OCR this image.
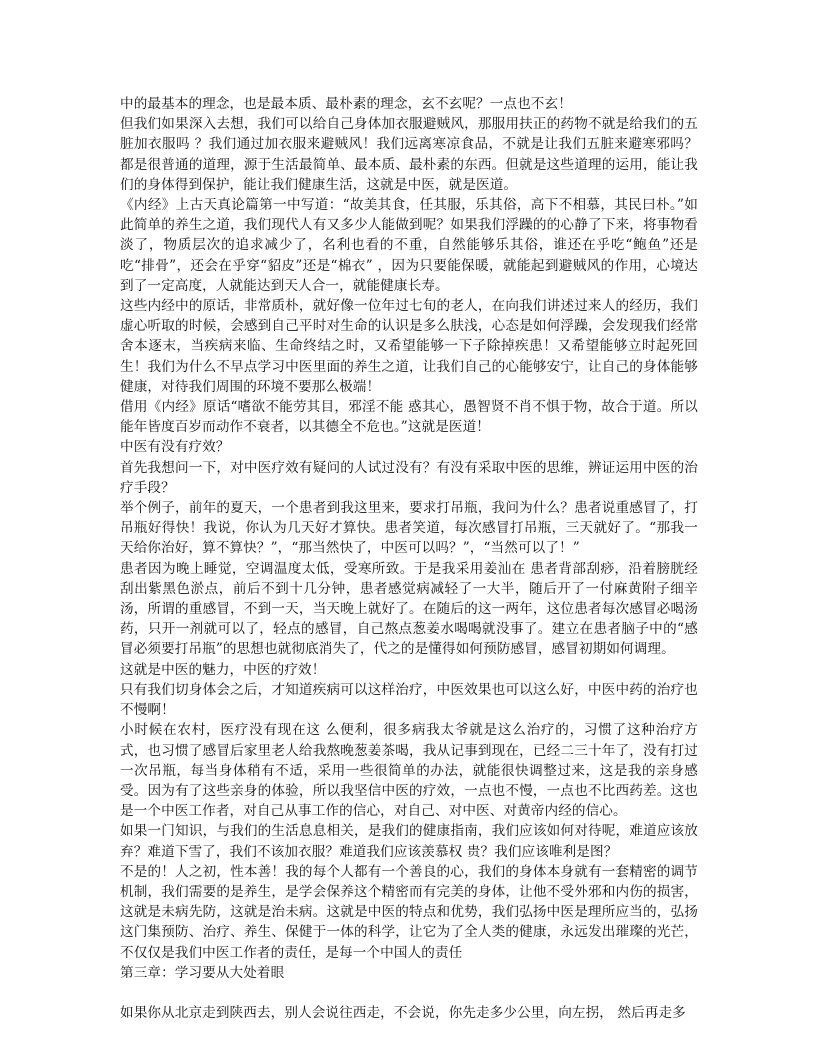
中的最基本的理念，也是最本质、最朴素的理念，玄不玄呢？一点也不玄！

但我们如果深入去想，我们可以给自己身体加衣服避贼风，那服用扶正的药物不就是给我们的五脏加衣服吗 ？我们通过加衣服来避贼风！我们远离寒凉食品，不就是让我们五脏来避寒邪吗？都是很普通的道理，源于生活最简单、最本质、最朴素的东西。但就是这些道理的运用，能让我们的身体得到保护，能让我们健康生活，这就是中医，就是医道。

《内经》上古天真论篇第一中写道：“故美其食，任其服，乐其俗，高下不相慕，其民曰朴。”如此简单的养生之道，我们现代人有又多少人能做到呢？如果我们浮躁的的心静了下来，将事物看淡了，物质层次的追求减少了，名利也看的不重，自然能够乐其俗，谁还在乎吃“鲍鱼”还是吃“排骨”，还会在乎穿“貂皮”还是“棉衣” ，因为只要能保暖，就能起到避贼风的作用，心境达到了一定高度，人就能达到天人合一，就能健康长寿。

这些内经中的原话，非常质朴，就好像一位年过七旬的老人，在向我们讲述过来人的经历，我们虚心听取的时候，会感到自己平时对生命的认识是多么肤浅，心态是如何浮躁，会发现我们经常舍本逐末，当疾病来临、生命终结之时，又希望能够一下子除掉疾患！又希望能够立时起死回生！我们为什么不早点学习中医里面的养生之道，让我们自己的心能够安宁，让自己的身体能够健康，对待我们周围的环境不要那么极端！

借用《内经》原话“嗜欲不能劳其目，邪淫不能 惑其心，愚智贤不肖不惧于物，故合于道。所以能年皆度百岁而动作不衰者，以其德全不危也。”这就是医道！

中医有没有疗效？

首先我想问一下，对中医疗效有疑问的人试过没有？有没有采取中医的思维，辨证运用中医的治疗手段？

举个例子，前年的夏天，一个患者到我这里来，要求打吊瓶，我问为什么？患者说重感冒了，打吊瓶好得快！我说，你认为几天好才算快。患者笑道，每次感冒打吊瓶，三天就好了。“那我一天给你治好，算不算快？”，“那当然快了，中医可以吗？”，“当然可以了！”

患者因为晚上睡觉，空调温度太低，受寒所致。于是我采用姜汕在 患者背部刮痧，沿着膀胱经刮出紫黑色淤点，前后不到十几分钟，患者感觉病减轻了一大半，随后开了一付麻黄附子细辛汤，所谓的重感冒，不到一天，当天晚上就好了。在随后的这一两年，这位患者每次感冒必喝汤药，只开一剂就可以了，轻点的感冒，自己熬点葱姜水喝喝就没事了。建立在患者脑子中的“感冒必须要打吊瓶”的思想也就彻底消失了，代之的是懂得如何预防感冒，感冒初期如何调理。

这就是中医的魅力，中医的疗效！

只有我们切身体会之后，才知道疾病可以这样治疗，中医效果也可以这么好，中医中药的治疗也不慢啊！

小时候在农村，医疗没有现在这 么便利，很多病我太爷就是这么治疗的，习惯了这种治疗方式，也习惯了感冒后家里老人给我熬晚葱姜茶喝，我从记事到现在，已经二三十年了，没有打过一次吊瓶，每当身体稍有不适，采用一些很简单的办法，就能很快调整过来，这是我的亲身感受。因为有了这些亲身的体验，所以我坚信中医的疗效，一点也不慢，一点也不比西药差。这也是一个中医工作者，对自己从事工作的信心，对自己、对中医、对黄帝内经的信心。

如果一门知识，与我们的生活息息相关，是我们的健康指南，我们应该如何对待呢，难道应该放弃？难道下雪了，我们不该加衣服？难道我们应该羡慕权 贵？我们应该唯利是图？

不是的！人之初，性本善！我的每个人都有一个善良的心，我们的身体本身就有一套精密的调节机制，我们需要的是养生，是学会保养这个精密而有完美的身体，让他不受外邪和内伤的损害，这就是未病先防，这就是治未病。这就是中医的特点和优势，我们弘扬中医是理所应当的，弘扬这门集预防、治疗、养生、保健于一体的科学，让它为了全人类的健康，永远发出璀璨的光芒，不仅仅是我们中医工作者的责任，是每一个中国人的责任

第三章：学习要从大处着眼

如果你从北京走到陕西去，别人会说往西走，不会说，你先走多少公里，向左拐， 然后再走多
